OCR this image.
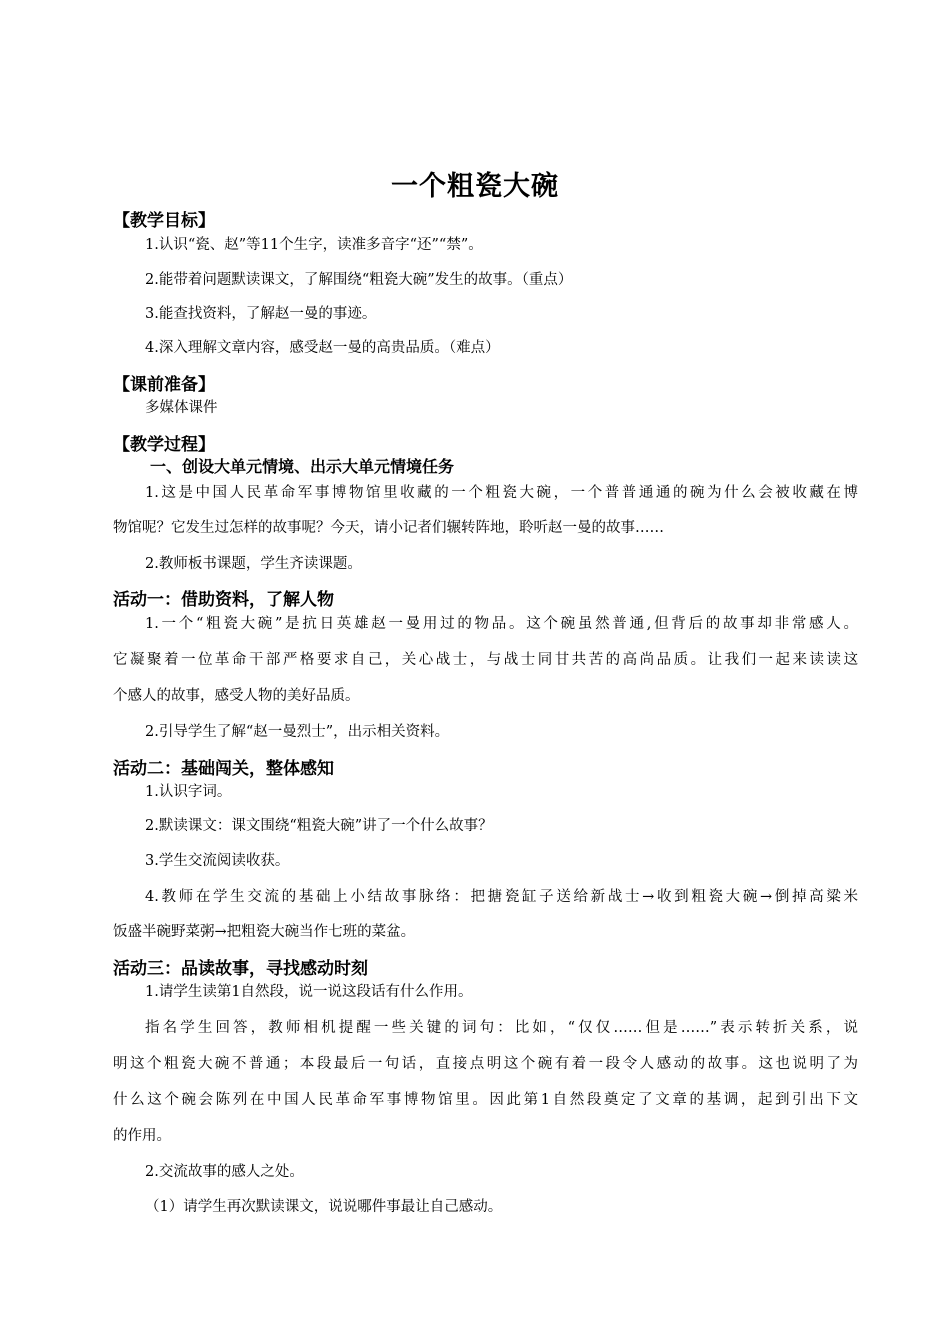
一个粗瓷大碗
【教学目标】
1.认识“瓷、赵”等11个生字，读准多音字“还”“禁”。
2.能带着问题默读课文，了解围绕“粗瓷大碗”发生的故事。（重点）
3.能查找资料，了解赵一曼的事迹。
4.深入理解文章内容，感受赵一曼的高贵品质。（难点）
【课前准备】
多媒体课件
【教学过程】
一、创设大单元情境、出示大单元情境任务
1.这是中国人民革命军事博物馆里收藏的一个粗瓷大碗，一个普普通通的碗为什么会被收藏在博
物馆呢？它发生过怎样的故事呢？今天，请小记者们辗转阵地，聆听赵一曼的故事……
2.教师板书课题，学生齐读课题。
活动一：借助资料，了解人物
1.一个“粗瓷大碗”是抗日英雄赵一曼用过的物品。这个碗虽然普通,但背后的故事却非常感人。
它凝聚着一位革命干部严格要求自己，关心战士，与战士同甘共苦的高尚品质。让我们一起来读读这
个感人的故事，感受人物的美好品质。
2.引导学生了解“赵一曼烈士”，出示相关资料。
活动二：基础闯关，整体感知
1.认识字词。
2.默读课文：课文围绕“粗瓷大碗”讲了一个什么故事？
3.学生交流阅读收获。
4.教师在学生交流的基础上小结故事脉络：把搪瓷缸子送给新战士→收到粗瓷大碗→倒掉高粱米
饭盛半碗野菜粥→把粗瓷大碗当作七班的菜盆。
活动三：品读故事，寻找感动时刻
1.请学生读第1自然段，说一说这段话有什么作用。
指名学生回答，教师相机提醒一些关键的词句：比如，“仅仅……但是……”表示转折关系，说
明这个粗瓷大碗不普通；本段最后一句话，直接点明这个碗有着一段令人感动的故事。这也说明了为
什么这个碗会陈列在中国人民革命军事博物馆里。因此第1自然段奠定了文章的基调，起到引出下文
的作用。
2.交流故事的感人之处。
（1）请学生再次默读课文，说说哪件事最让自己感动。
